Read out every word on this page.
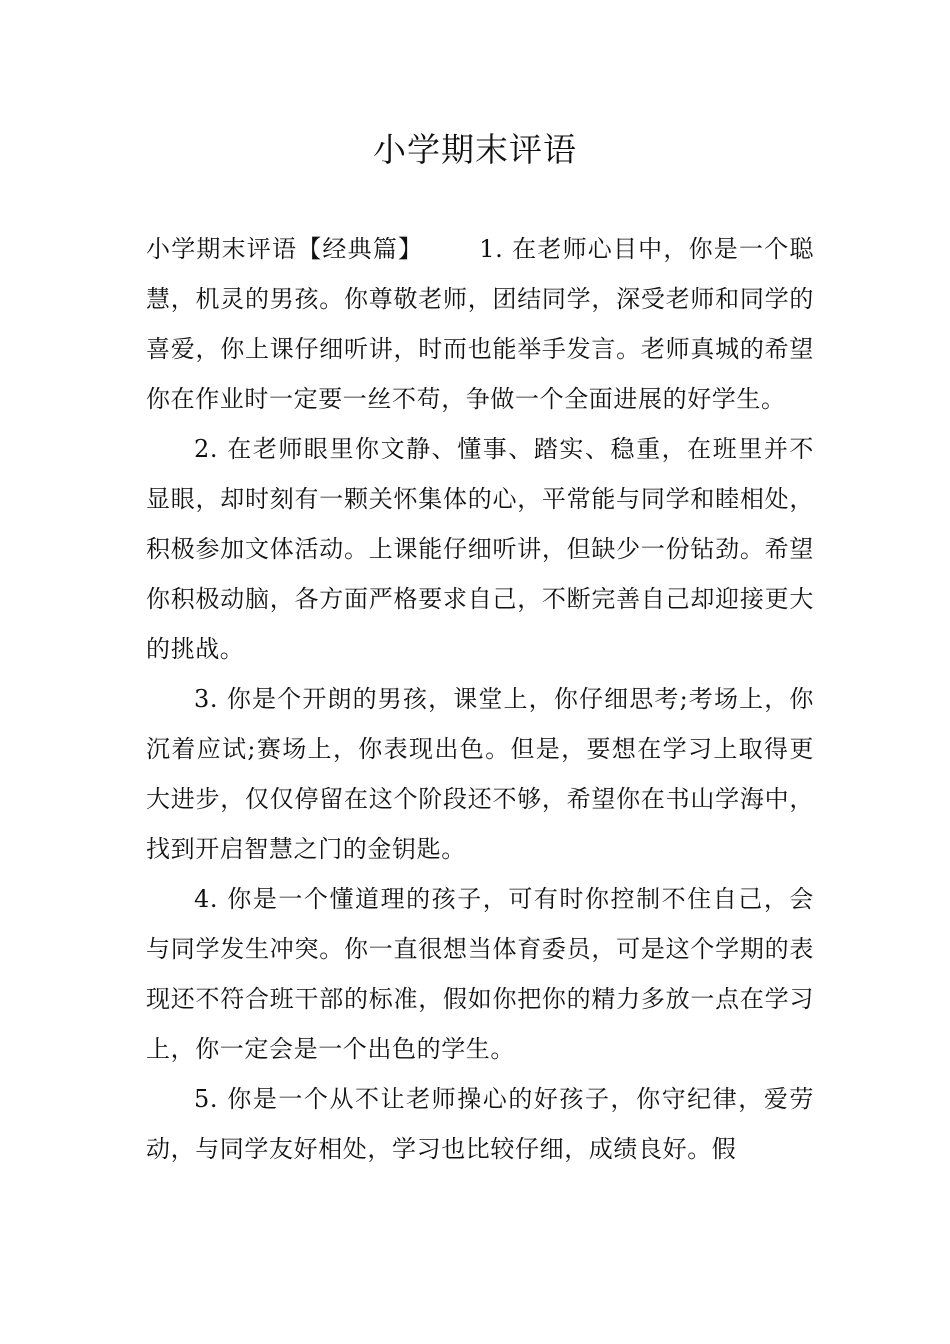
小学期末评语

小学期末评语【经典篇】 1. 在老师心目中，你是一个聪慧，机灵的男孩。你尊敬老师，团结同学，深受老师和同学的喜爱，你上课仔细听讲，时而也能举手发言。老师真城的希望你在作业时一定要一丝不苟，争做一个全面进展的好学生。

2. 在老师眼里你文静、懂事、踏实、稳重，在班里并不显眼，却时刻有一颗关怀集体的心，平常能与同学和睦相处，积极参加文体活动。上课能仔细听讲，但缺少一份钻劲。希望你积极动脑，各方面严格要求自己，不断完善自己却迎接更大的挑战。

3. 你是个开朗的男孩，课堂上，你仔细思考;考场上，你沉着应试;赛场上，你表现出色。但是，要想在学习上取得更大进步，仅仅停留在这个阶段还不够，希望你在书山学海中，找到开启智慧之门的金钥匙。

4. 你是一个懂道理的孩子，可有时你控制不住自己，会与同学发生冲突。你一直很想当体育委员，可是这个学期的表现还不符合班干部的标准，假如你把你的精力多放一点在学习上，你一定会是一个出色的学生。

5. 你是一个从不让老师操心的好孩子，你守纪律，爱劳动，与同学友好相处，学习也比较仔细，成绩良好。假
